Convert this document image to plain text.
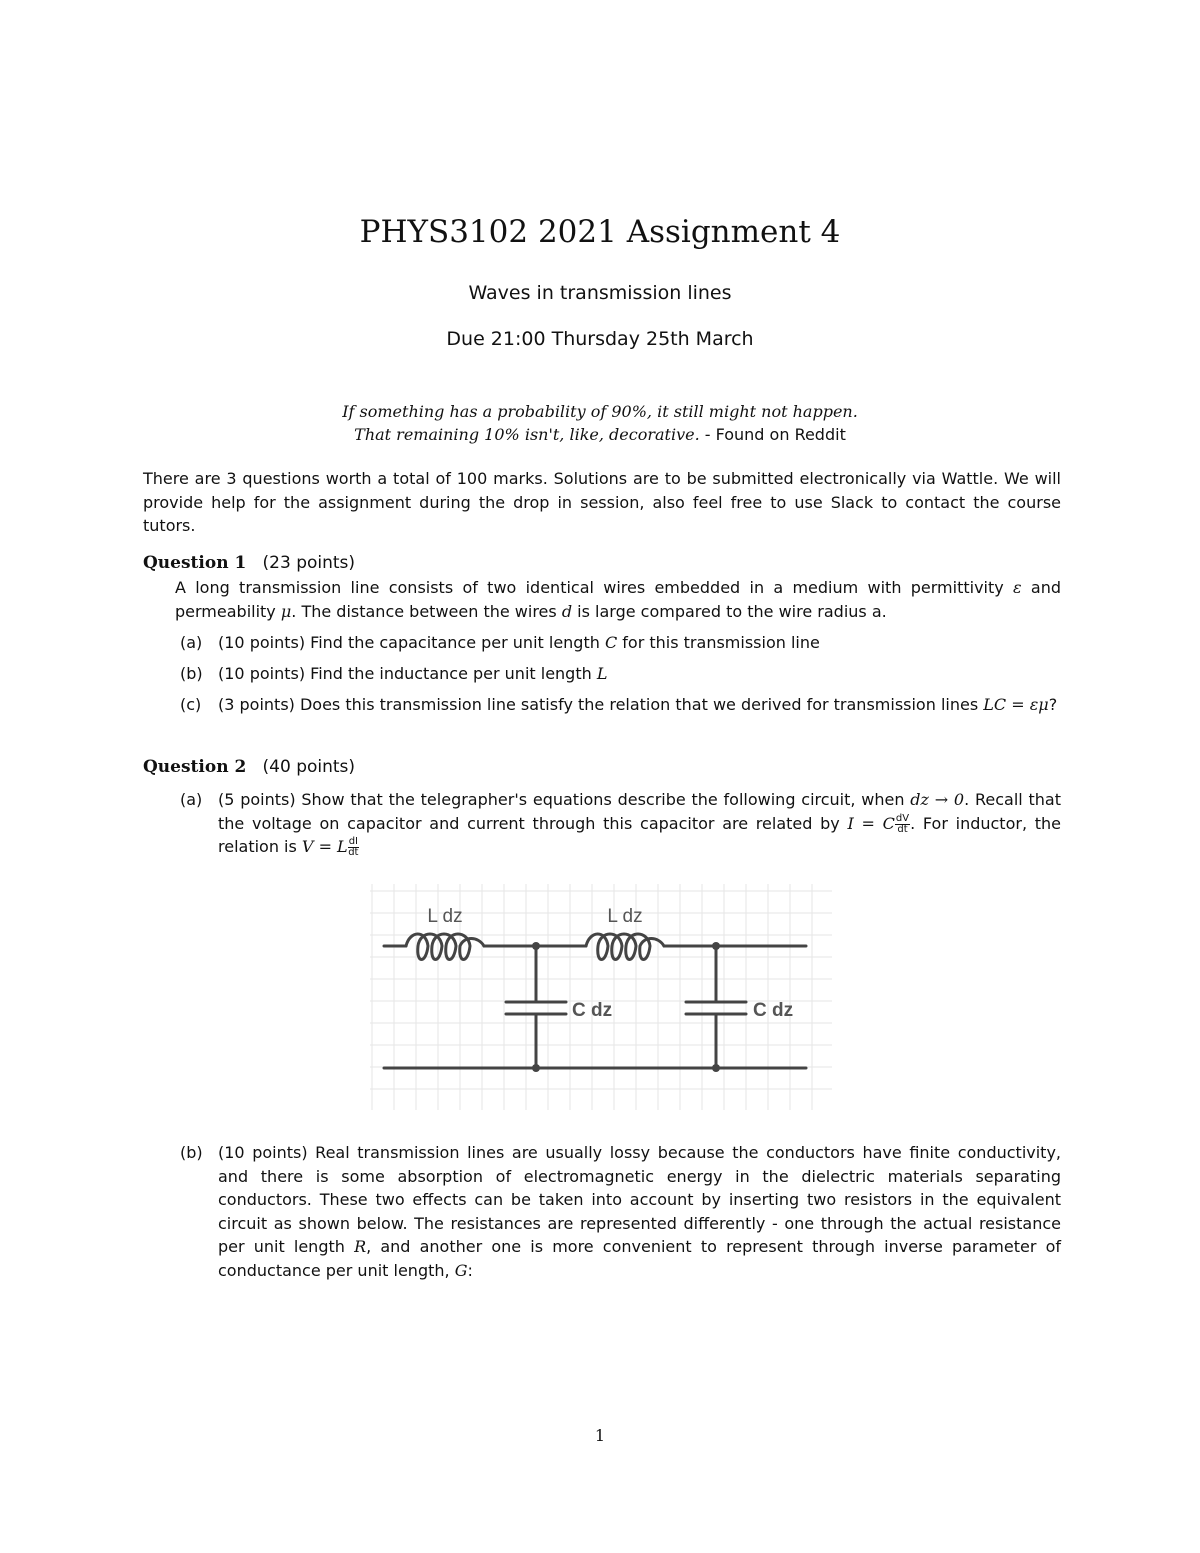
PHYS3102 2021 Assignment 4
Waves in transmission lines
Due 21:00 Thursday 25th March
If something has a probability of 90%, it still might not happen.
That remaining 10% isn't, like, decorative. - Found on Reddit
There are 3 questions worth a total of 100 marks. Solutions are to be submitted electronically via Wattle. We will provide help for the assignment during the drop in session, also feel free to use Slack to contact the course tutors.
Question 1 (23 points)
A long transmission line consists of two identical wires embedded in a medium with permittivity ε and permeability μ. The distance between the wires d is large compared to the wire radius a.
(a) (10 points) Find the capacitance per unit length C for this transmission line
(b) (10 points) Find the inductance per unit length L
(c)	(3 points) Does this transmission line satisfy the relation that we derived for transmission lines LC = εμ?
Question 2 (40 points)
(a) (5 points) Show that the telegrapher's equations describe the following circuit, when dz → 0. Recall that the voltage on capacitor and current through this capacitor are related by I = C $\frac{dV}{dt}$ . For inductor, the relation is V = L $\frac{dI}{dt}$
L dz	L dz
C dz	C dz
(b) (10 points) Real transmission lines are usually lossy because the conductors have finite conductivity, and there is some absorption of electromagnetic energy in the dielectric materials separating conductors. These two effects can be taken into account by inserting two resistors in the equivalent circuit as shown below. The resistances are represented differently - one through the actual resistance per unit length R, and another one is more convenient to represent through inverse parameter of conductance per unit length, G:
1
